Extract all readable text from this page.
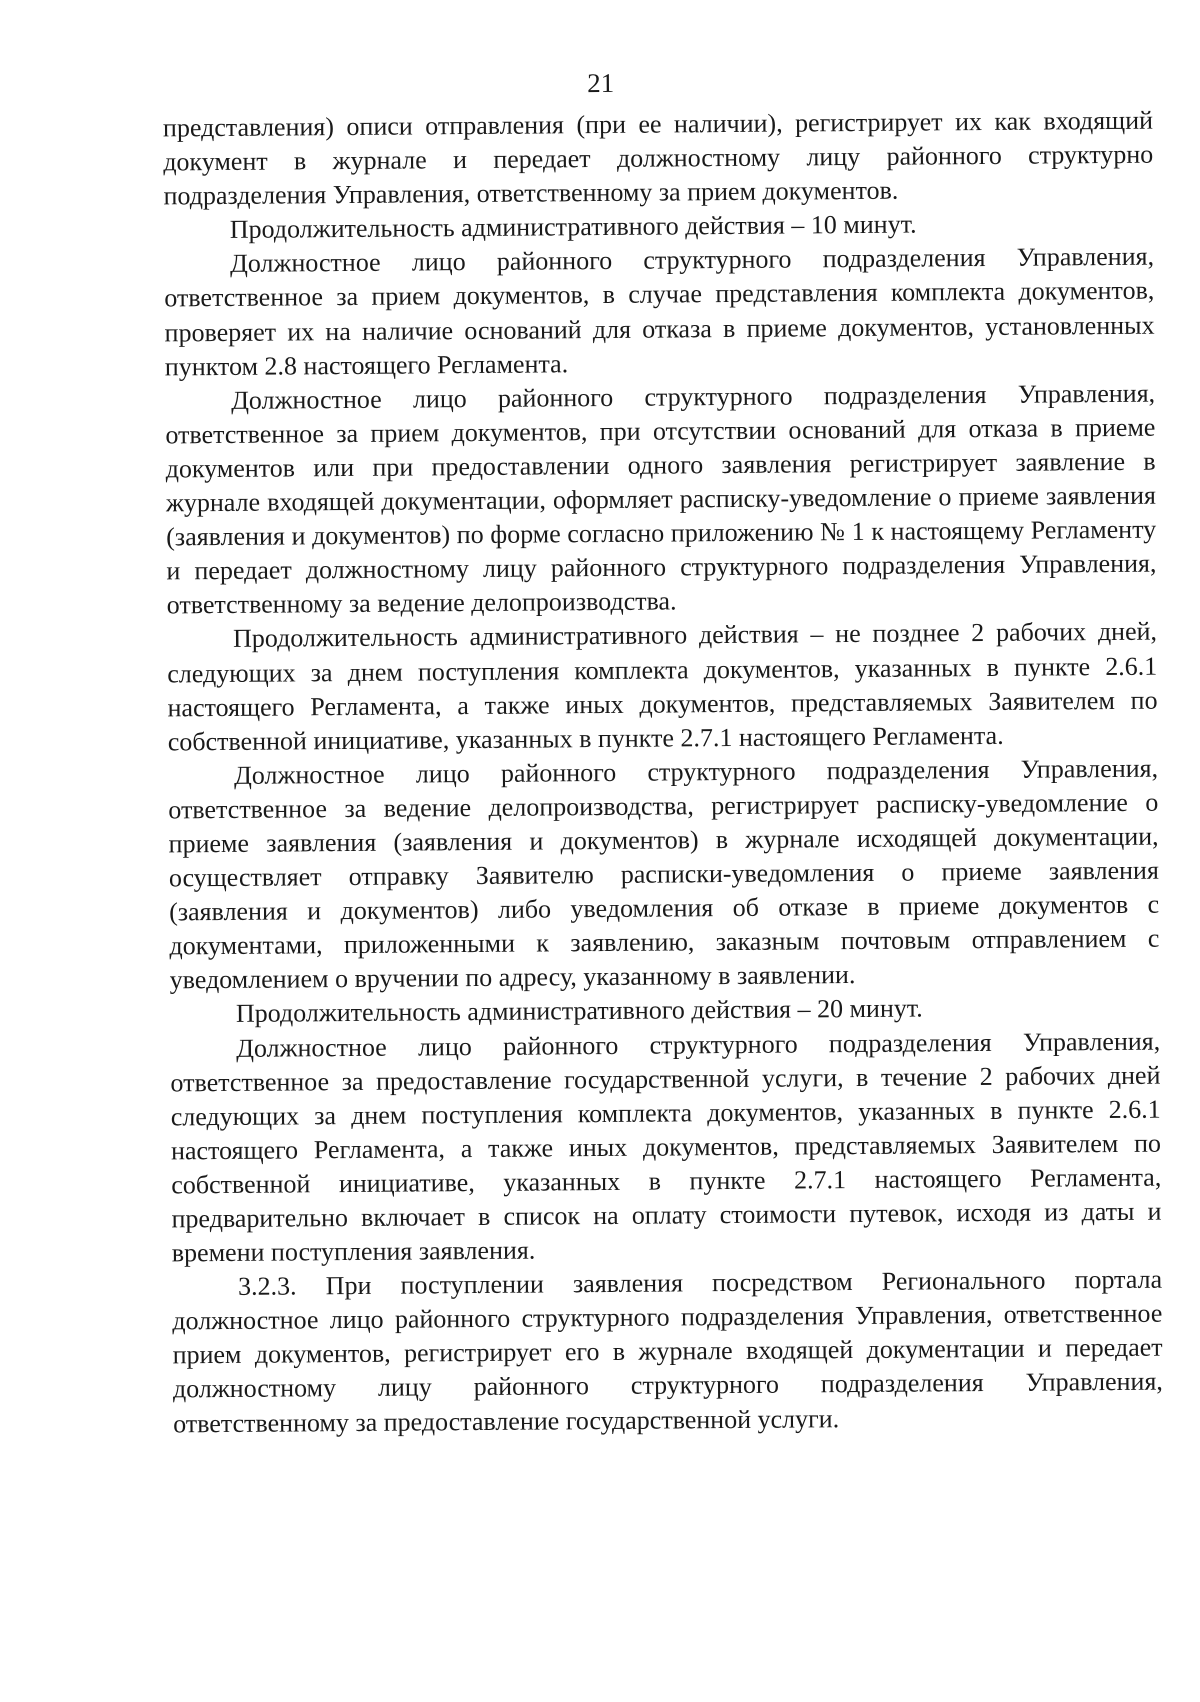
21

представления) описи отправления (при ее наличии), регистрирует их как входящий документ в журнале и передает должностному лицу районного структурно подразделения Управления, ответственному за прием документов.

Продолжительность административного действия – 10 минут.

Должностное лицо районного структурного подразделения Управления, ответственное за прием документов, в случае представления комплекта документов, проверяет их на наличие оснований для отказа в приеме документов, установленных пунктом 2.8 настоящего Регламента.

Должностное лицо районного структурного подразделения Управления, ответственное за прием документов, при отсутствии оснований для отказа в приеме документов или при предоставлении одного заявления регистрирует заявление в журнале входящей документации, оформляет расписку-уведомление о приеме заявления (заявления и документов) по форме согласно приложению № 1 к настоящему Регламенту и передает должностному лицу районного структурного подразделения Управления, ответственному за ведение делопроизводства.

Продолжительность административного действия – не позднее 2 рабочих дней, следующих за днем поступления комплекта документов, указанных в пункте 2.6.1 настоящего Регламента, а также иных документов, представляемых Заявителем по собственной инициативе, указанных в пункте 2.7.1 настоящего Регламента.

Должностное лицо районного структурного подразделения Управления, ответственное за ведение делопроизводства, регистрирует расписку-уведомление о приеме заявления (заявления и документов) в журнале исходящей документации, осуществляет отправку Заявителю расписки-уведомления о приеме заявления (заявления и документов) либо уведомления об отказе в приеме документов с документами, приложенными к заявлению, заказным почтовым отправлением с уведомлением о вручении по адресу, указанному в заявлении.

Продолжительность административного действия – 20 минут.

Должностное лицо районного структурного подразделения Управления, ответственное за предоставление государственной услуги, в течение 2 рабочих дней следующих за днем поступления комплекта документов, указанных в пункте 2.6.1 настоящего Регламента, а также иных документов, представляемых Заявителем по собственной инициативе, указанных в пункте 2.7.1 настоящего Регламента, предварительно включает в список на оплату стоимости путевок, исходя из даты и времени поступления заявления.

3.2.3. При поступлении заявления посредством Регионального портала должностное лицо районного структурного подразделения Управления, ответственное прием документов, регистрирует его в журнале входящей документации и передает должностному лицу районного структурного подразделения Управления, ответственному за предоставление государственной услуги.
